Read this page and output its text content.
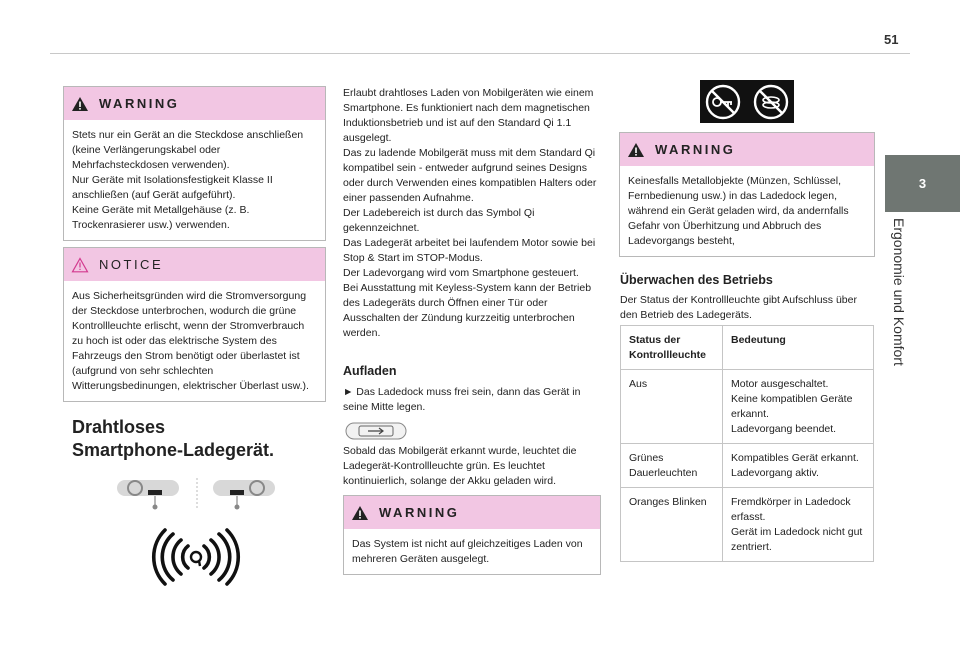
51
3
Ergonomie und Komfort
WARNING
Stets nur ein Gerät an die Steckdose anschließen (keine Verlängerungskabel oder Mehrfachsteckdosen verwenden).
Nur Geräte mit Isolationsfestigkeit Klasse II anschließen (auf Gerät aufgeführt).
Keine Geräte mit Metallgehäuse (z. B. Trockenrasierer usw.) verwenden.
NOTICE
Aus Sicherheitsgründen wird die Stromversorgung der Steckdose unterbrochen, wodurch die grüne Kontrollleuchte erlischt, wenn der Stromverbrauch zu hoch ist oder das elektrische System des Fahrzeugs den Strom benötigt oder überlastet ist (aufgrund von sehr schlechten Witterungsbedinungen, elektrischer Überlast usw.).
Drahtloses
Smartphone-Ladegerät.
Erlaubt drahtloses Laden von Mobilgeräten wie einem Smartphone. Es funktioniert nach dem magnetischen Induktionsbetrieb und ist auf den Standard Qi 1.1 ausgelegt.
Das zu ladende Mobilgerät muss mit dem Standard Qi kompatibel sein - entweder aufgrund seines Designs oder durch Verwenden eines kompatiblen Halters oder einer passenden Aufnahme.
Der Ladebereich ist durch das Symbol Qi gekennzeichnet.
Das Ladegerät arbeitet bei laufendem Motor sowie bei Stop & Start im STOP-Modus.
Der Ladevorgang wird vom Smartphone gesteuert.
Bei Ausstattung mit Keyless-System kann der Betrieb des Ladegeräts durch Öffnen einer Tür oder Ausschalten der Zündung kurzzeitig unterbrochen werden.
Aufladen
► Das Ladedock muss frei sein, dann das Gerät in seine Mitte legen.
Sobald das Mobilgerät erkannt wurde, leuchtet die Ladegerät-Kontrollleuchte grün. Es leuchtet kontinuierlich, solange der Akku geladen wird.
WARNING
Das System ist nicht auf gleichzeitiges Laden von mehreren Geräten ausgelegt.
WARNING
Keinesfalls Metallobjekte (Münzen, Schlüssel, Fernbedienung usw.) in das Ladedock legen, während ein Gerät geladen wird, da andernfalls Gefahr von Überhitzung und Abbruch des Ladevorgangs besteht,
Überwachen des Betriebs
Der Status der Kontrollleuchte gibt Aufschluss über den Betrieb des Ladegeräts.
Status der
Kontrollleuchte	Bedeutung
Aus	Motor ausgeschaltet.
Keine kompatiblen Geräte erkannt.
Ladevorgang beendet.
Grünes
Dauerleuchten	Kompatibles Gerät erkannt.
Ladevorgang aktiv.
Oranges Blinken	Fremdkörper in Ladedock erfasst.
Gerät im Ladedock nicht gut zentriert.
